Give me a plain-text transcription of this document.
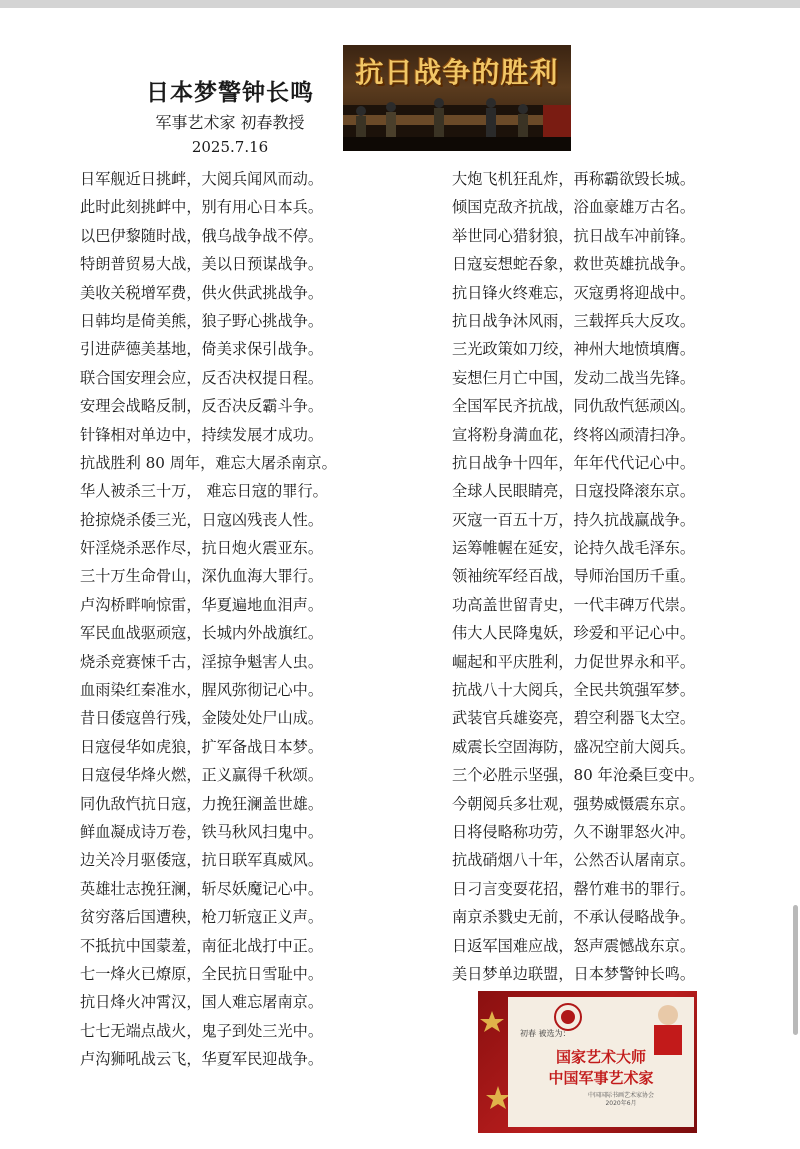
日本梦警钟长鸣
军事艺术家 初春教授
2025.7.16
抗日战争的胜利
日军舰近日挑衅，大阅兵闻风而动。
此时此刻挑衅中，别有用心日本兵。
以巴伊黎随时战，俄乌战争战不停。
特朗普贸易大战，美以日预谋战争。
美收关税增军费，供火供武挑战争。
日韩均是倚美熊，狼子野心挑战争。
引进萨德美基地，倚美求保引战争。
联合国安理会应，反否决权提日程。
安理会战略反制，反否决反霸斗争。
针锋相对单边中，持续发展才成功。
抗战胜利 80 周年，难忘大屠杀南京。
华人被杀三十万， 难忘日寇的罪行。
抢掠烧杀倭三光，日寇凶残丧人性。
奸淫烧杀恶作尽，抗日炮火震亚东。
三十万生命骨山，深仇血海大罪行。
卢沟桥畔响惊雷，华夏遍地血泪声。
军民血战驱顽寇，长城内外战旗红。
烧杀竞赛悚千古，淫掠争魁害人虫。
血雨染红秦准水，腥风弥彻记心中。
昔日倭寇兽行残，金陵处处尸山成。
日寇侵华如虎狼，扩军备战日本梦。
日寇侵华烽火燃，正义赢得千秋颂。
同仇敌忾抗日寇，力挽狂澜盖世雄。
鲜血凝成诗万卷，铁马秋风扫鬼中。
边关冷月驱倭寇，抗日联军真威风。
英雄壮志挽狂澜，斩尽妖魔记心中。
贫穷落后国遭秧，枪刀斩寇正义声。
不抵抗中国蒙羞，南征北战打中正。
七一烽火已燎原，全民抗日雪耻中。
抗日烽火冲霄汉，国人难忘屠南京。
七七无端点战火，鬼子到处三光中。
卢沟狮吼战云飞，华夏军民迎战争。
大炮飞机狂乱炸，再称霸欲毁长城。
倾国克敌齐抗战，浴血豪雄万古名。
举世同心猎豺狼，抗日战车冲前锋。
日寇妄想蛇吞象，救世英雄抗战争。
抗日锋火终难忘，灭寇勇将迎战中。
抗日战争沐风雨，三载挥兵大反攻。
三光政策如刀绞，神州大地愤填膺。
妄想仨月亡中国，发动二战当先锋。
全国军民齐抗战，同仇敌忾惩顽凶。
宣将粉身満血花，终将凶顽清扫净。
抗日战争十四年，年年代代记心中。
全球人民眼睛亮，日寇投降滚东京。
灭寇一百五十万，持久抗战赢战争。
运筹帷幄在延安，论持久战毛泽东。
领袖统军经百战，导师治国历千重。
功高盖世留青史，一代丰碑万代崇。
伟大人民降鬼妖，珍爱和平记心中。
崛起和平庆胜利，力促世界永和平。
抗战八十大阅兵，全民共筑强军梦。
武装官兵雄姿亮，碧空利器飞太空。
威震长空固海防，盛况空前大阅兵。
三个必胜示坚强，80 年沧桑巨变中。
今朝阅兵多壮观，强势威慑震东京。
日将侵略称功劳，久不谢罪怒火冲。
抗战硝烟八十年，公然否认屠南京。
日刁言变耍花招，罄竹难书的罪行。
南京杀戮史无前，不承认侵略战争。
日返军国难应战，怒声震憾战东京。
美日梦单边联盟，日本梦警钟长鸣。
初春 被选为：
国家艺术大师
中国军事艺术家
中国国际书画艺术家协会
2020年6月
